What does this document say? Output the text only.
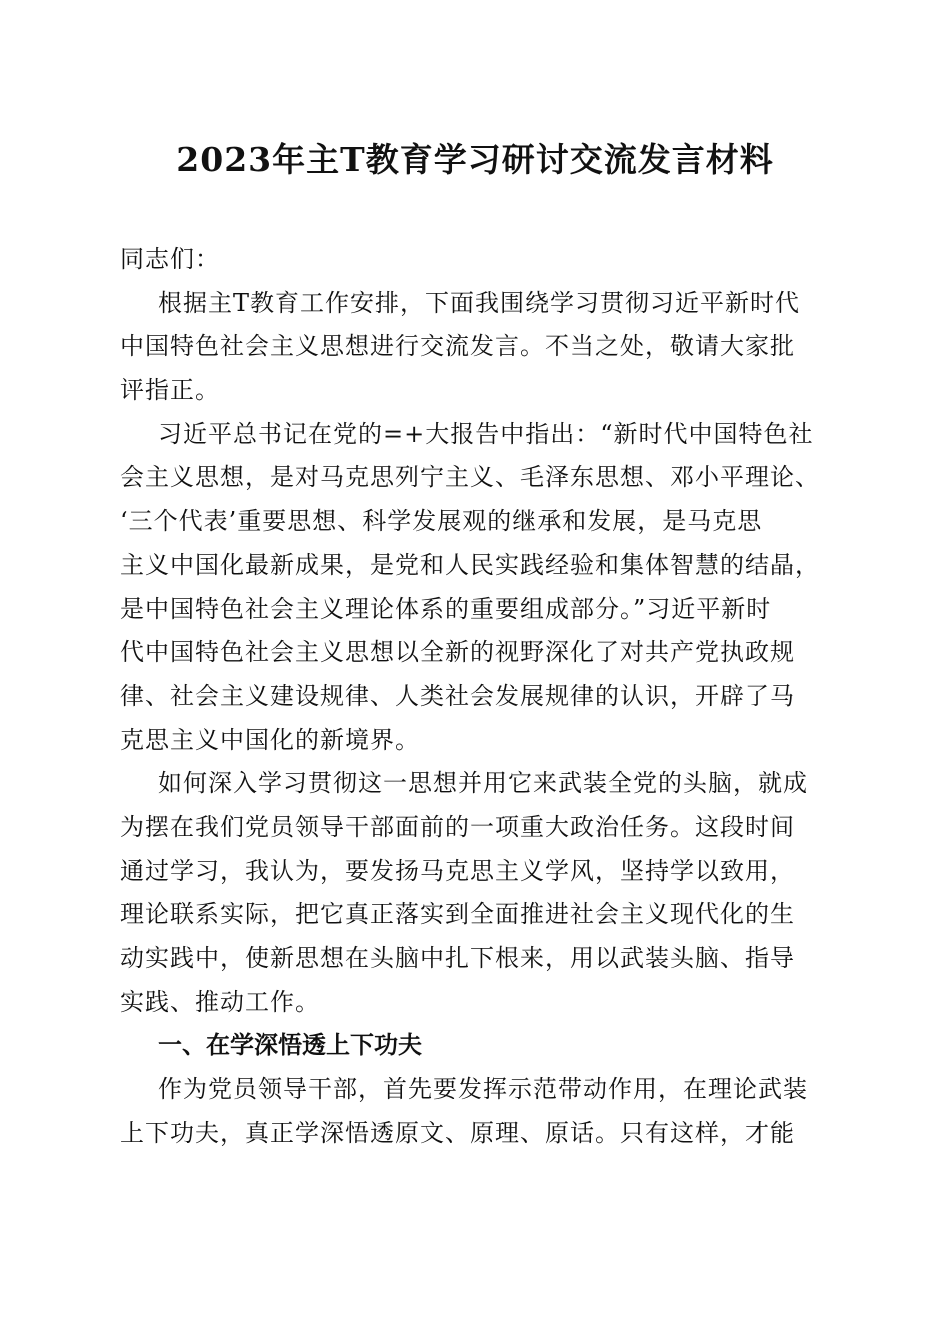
2023年主T教育学习研讨交流发言材料
同志们：
根据主T教育工作安排，下面我围绕学习贯彻习近平新时代
中国特色社会主义思想进行交流发言。不当之处，敬请大家批
评指正。
习近平总书记在党的=+大报告中指出：“新时代中国特色社
会主义思想，是对马克思列宁主义、毛泽东思想、邓小平理论、
‘三个代表’重要思想、科学发展观的继承和发展，是马克思
主义中国化最新成果，是党和人民实践经验和集体智慧的结晶，
是中国特色社会主义理论体系的重要组成部分。”习近平新时
代中国特色社会主义思想以全新的视野深化了对共产党执政规
律、社会主义建设规律、人类社会发展规律的认识，开辟了马
克思主义中国化的新境界。
如何深入学习贯彻这一思想并用它来武装全党的头脑，就成
为摆在我们党员领导干部面前的一项重大政治任务。这段时间
通过学习，我认为，要发扬马克思主义学风，坚持学以致用，
理论联系实际，把它真正落实到全面推进社会主义现代化的生
动实践中，使新思想在头脑中扎下根来，用以武装头脑、指导
实践、推动工作。
一、在学深悟透上下功夫
作为党员领导干部，首先要发挥示范带动作用，在理论武装
上下功夫，真正学深悟透原文、原理、原话。只有这样，才能
